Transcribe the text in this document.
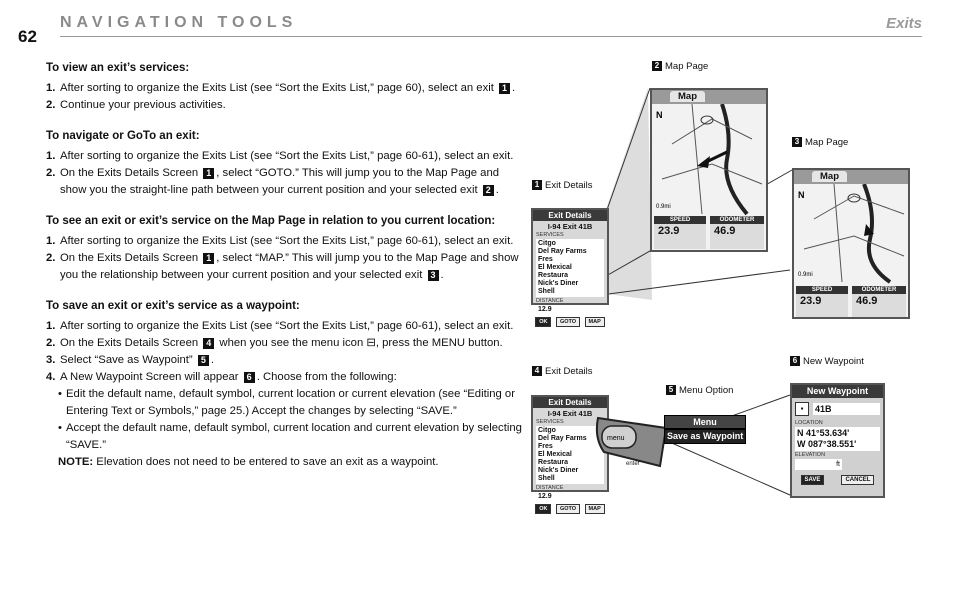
NAVIGATION TOOLS	Exits
62
To view an exit’s services:
1. After sorting to organize the Exits List (see “Sort the Exits List,” page 60), select an exit 1 .
2. Continue your previous activities.
To navigate or GoTo an exit:
1. After sorting to organize the Exits List (see “Sort the Exits List,” page 60-61), select an exit.
2. On the Exits Details Screen 1 , select “GOTO.” This will jump you to the Map Page and show you the straight-line path between your current position and your selected exit 2 .
To see an exit or exit’s service on the Map Page in relation to you current location:
1. After sorting to organize the Exits List (see “Sort the Exits List,” page 60-61), select an exit.
2. On the Exits Details Screen 1 , select “MAP.” This will jump you to the Map Page and show you the relationship between your current position and your selected exit 3 .
To save an exit or exit’s service as a waypoint:
1. After sorting to organize the Exits List (see “Sort the Exits List,” page 60-61), select an exit.
2. On the Exits Details Screen 4 when you see the menu icon ⊟, press the MENU button.
3. Select “Save as Waypoint” 5 .
4. A New Waypoint Screen will appear 6 . Choose from the following:
• Edit the default name, default symbol, current location or current elevation (see “Editing or Entering Text or Symbols,” page 25.) Accept the changes by selecting “SAVE.”
• Accept the default name, default symbol, current location and current elevation by selecting “SAVE.”
NOTE: Elevation does not need to be entered to save an exit as a waypoint.
2 Map Page
3 Map Page
1 Exit Details
6 New Waypoint
4 Exit Details
5 Menu Option
Exit Details
I-94 Exit 41B
SERVICES
Citgo
Del Ray Farms Fres
El Mexical Restaura
Nick's Diner
Shell
DISTANCE
12.9
OK	GOTO	MAP
Map
N
0.9mi
SPEED
23.9
ODOMETER
46.9
Map
N
0.9mi
SPEED
23.9
ODOMETER
46.9
Exit Details
I-94 Exit 41B
SERVICES
Citgo
Del Ray Farms Fres
El Mexical Restaura
Nick's Diner
Shell
DISTANCE
12.9
OK	GOTO	MAP
menu
enter
Menu
Save as Waypoint
New Waypoint
▪	41B
LOCATION
N 41°53.634'
W 087°38.551'
ELEVATION
ft
SAVE	CANCEL
